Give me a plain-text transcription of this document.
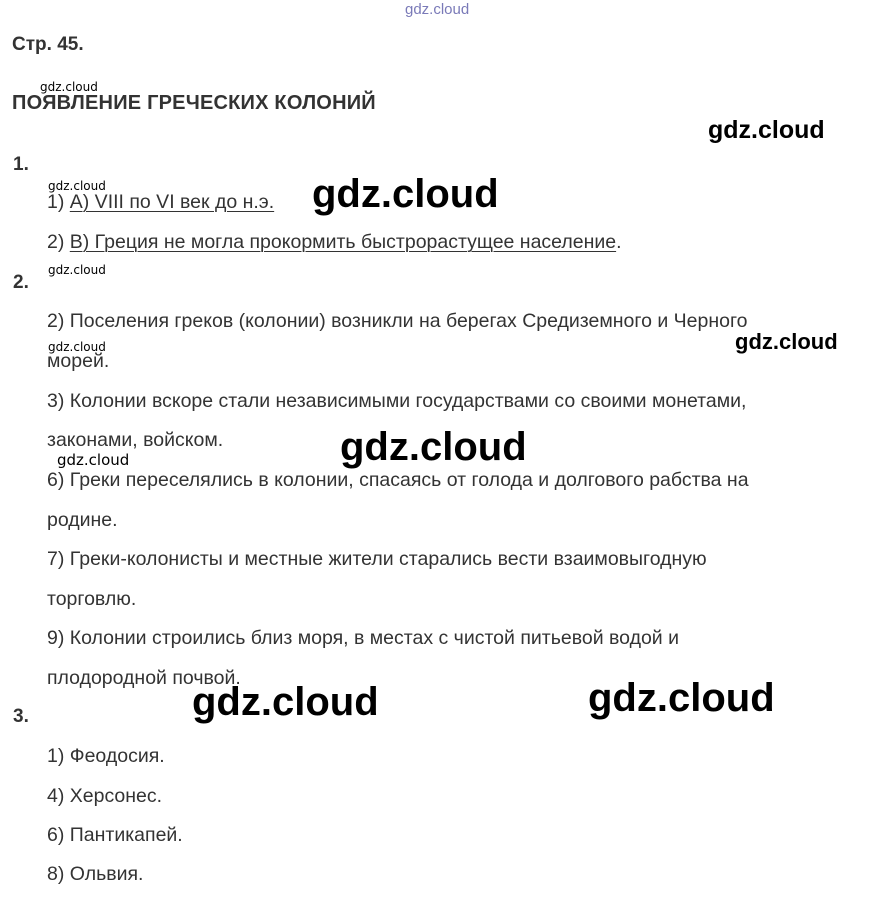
gdz.cloud
gdz.cloud
gdz.cloud
gdz.cloud	gdz.cloud
gdz.cloud
gdz.cloud	gdz.cloud
gdz.cloud
gdz.cloud
gdz.cloud	gdz.cloud
Стр. 45.
ПОЯВЛЕНИЕ ГРЕЧЕСКИХ КОЛОНИЙ
1.
1) А) VIII по VI век до н.э.
2) В) Греция не могла прокормить быстрорастущее население.
2.
2) Поселения греков (колонии) возникли на берегах Средиземного и Черного
морей.
3) Колонии вскоре стали независимыми государствами со своими монетами,
законами, войском.
6) Греки переселялись в колонии, спасаясь от голода и долгового рабства на
родине.
7) Греки-колонисты и местные жители старались вести взаимовыгодную
торговлю.
9) Колонии строились близ моря, в местах с чистой питьевой водой и
плодородной почвой.
3.
1) Феодосия.
4) Херсонес.
6) Пантикапей.
8) Ольвия.
